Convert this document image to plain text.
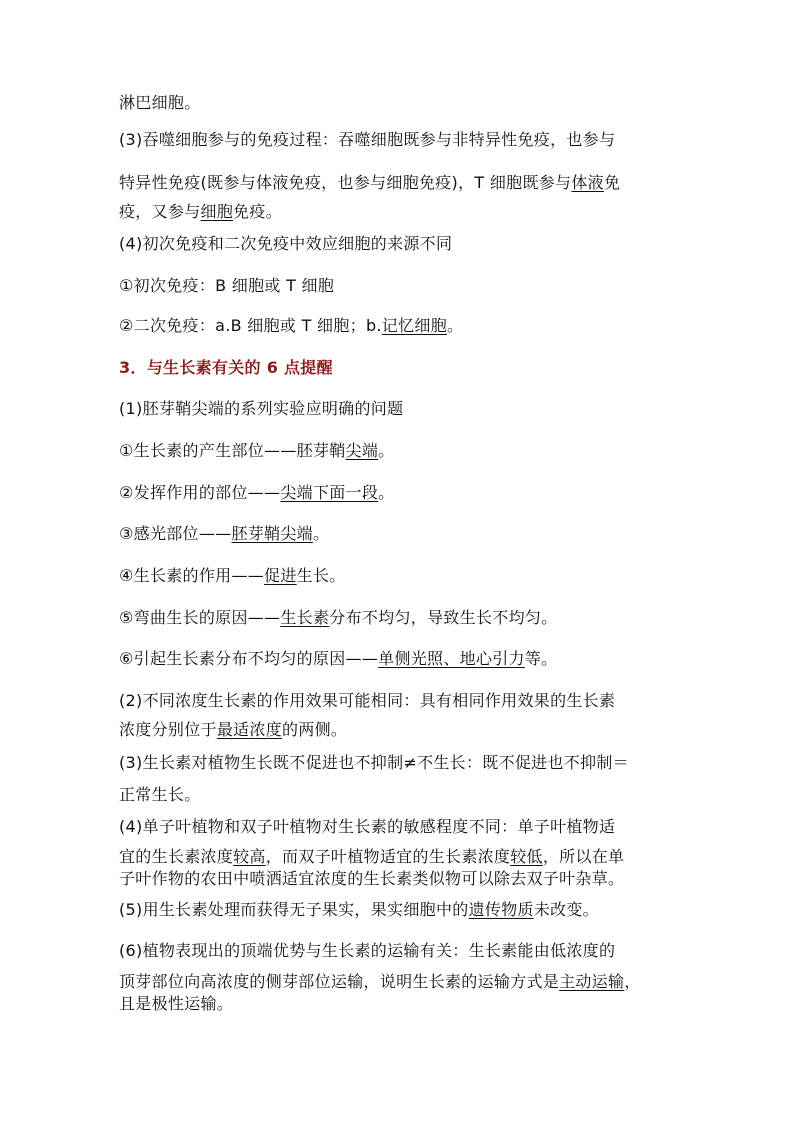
淋巴细胞。
(3)吞噬细胞参与的免疫过程：吞噬细胞既参与非特异性免疫，也参与
特异性免疫(既参与体液免疫，也参与细胞免疫)，T 细胞既参与体液免
疫，又参与细胞免疫。
(4)初次免疫和二次免疫中效应细胞的来源不同
①初次免疫：B 细胞或 T 细胞
②二次免疫：a.B 细胞或 T 细胞；b.记忆细胞。
3．与生长素有关的 6 点提醒
(1)胚芽鞘尖端的系列实验应明确的问题
①生长素的产生部位——胚芽鞘尖端。
②发挥作用的部位——尖端下面一段。
③感光部位——胚芽鞘尖端。
④生长素的作用——促进生长。
⑤弯曲生长的原因——生长素分布不均匀，导致生长不均匀。
⑥引起生长素分布不均匀的原因——单侧光照、地心引力等。
(2)不同浓度生长素的作用效果可能相同：具有相同作用效果的生长素
浓度分别位于最适浓度的两侧。
(3)生长素对植物生长既不促进也不抑制≠不生长：既不促进也不抑制＝
正常生长。
(4)单子叶植物和双子叶植物对生长素的敏感程度不同：单子叶植物适
宜的生长素浓度较高，而双子叶植物适宜的生长素浓度较低，所以在单
子叶作物的农田中喷洒适宜浓度的生长素类似物可以除去双子叶杂草。
(5)用生长素处理而获得无子果实，果实细胞中的遗传物质未改变。
(6)植物表现出的顶端优势与生长素的运输有关：生长素能由低浓度的
顶芽部位向高浓度的侧芽部位运输，说明生长素的运输方式是主动运输，
且是极性运输。
